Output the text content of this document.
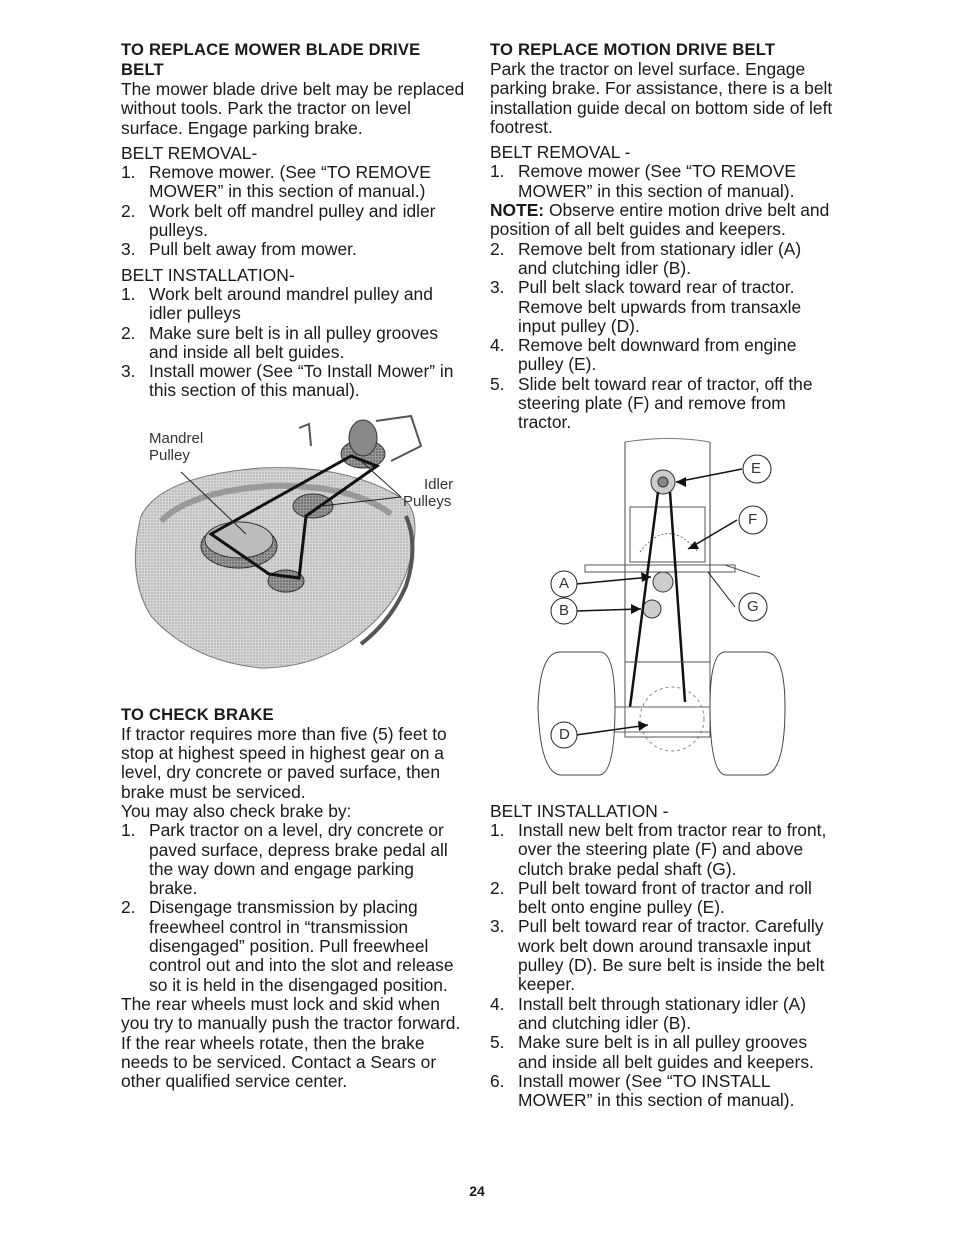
TO REPLACE MOWER BLADE DRIVE BELT

The mower blade drive belt may be replaced without tools. Park the tractor on level surface. Engage parking brake.

BELT REMOVAL-

1. Remove mower. (See “TO REMOVE MOWER” in this section of manual.)
2. Work belt off mandrel pulley and idler pulleys.
3. Pull belt away from mower.

BELT INSTALLATION-

1. Work belt around mandrel pulley and idler pulleys
2. Make sure belt is in all pulley grooves and inside all belt guides.
3. Install mower (See “To Install Mower” in this section of this manual).
Mandrel
Pulley
Idler
Pulleys
TO CHECK BRAKE

If tractor requires more than five (5) feet to stop at highest speed in highest gear on a level, dry concrete or paved surface, then brake must be serviced.

You may also check brake by:

1. Park tractor on a level, dry concrete or paved surface, depress brake pedal all the way down and engage parking brake.
2. Disengage transmission by placing freewheel control in “transmission disengaged” position. Pull freewheel control out and into the slot and release so it is held in the disengaged position.

The rear wheels must lock and skid when you try to manually push the tractor forward. If the rear wheels rotate, then the brake needs to be serviced. Contact a Sears or other qualified service center.

TO REPLACE MOTION DRIVE BELT

Park the tractor on level surface. Engage parking brake. For assistance, there is a belt installation guide decal on bottom side of left footrest.

BELT REMOVAL -

1. Remove mower (See “TO REMOVE MOWER” in this section of manual).

NOTE: Observe entire motion drive belt and position of all belt guides and keepers.

2. Remove belt from stationary idler (A) and clutching idler (B).
3. Pull belt slack toward rear of tractor. Remove belt upwards from transaxle input pulley (D).
4. Remove belt downward from engine pulley (E).
5. Slide belt toward rear of tractor, off the steering plate (F) and remove from tractor.
E
F
A
B	G
D

BELT INSTALLATION -

1. Install new belt from tractor rear to front, over the steering plate (F) and above clutch brake pedal shaft (G).
2. Pull belt toward front of tractor and roll belt onto engine pulley (E).
3. Pull belt toward rear of tractor. Carefully work belt down around transaxle input pulley (D). Be sure belt is inside the belt keeper.
4. Install belt through stationary idler (A) and clutching idler (B).
5. Make sure belt is in all pulley grooves and inside all belt guides and keepers.
6. Install mower (See “TO INSTALL MOWER” in this section of manual).
24
